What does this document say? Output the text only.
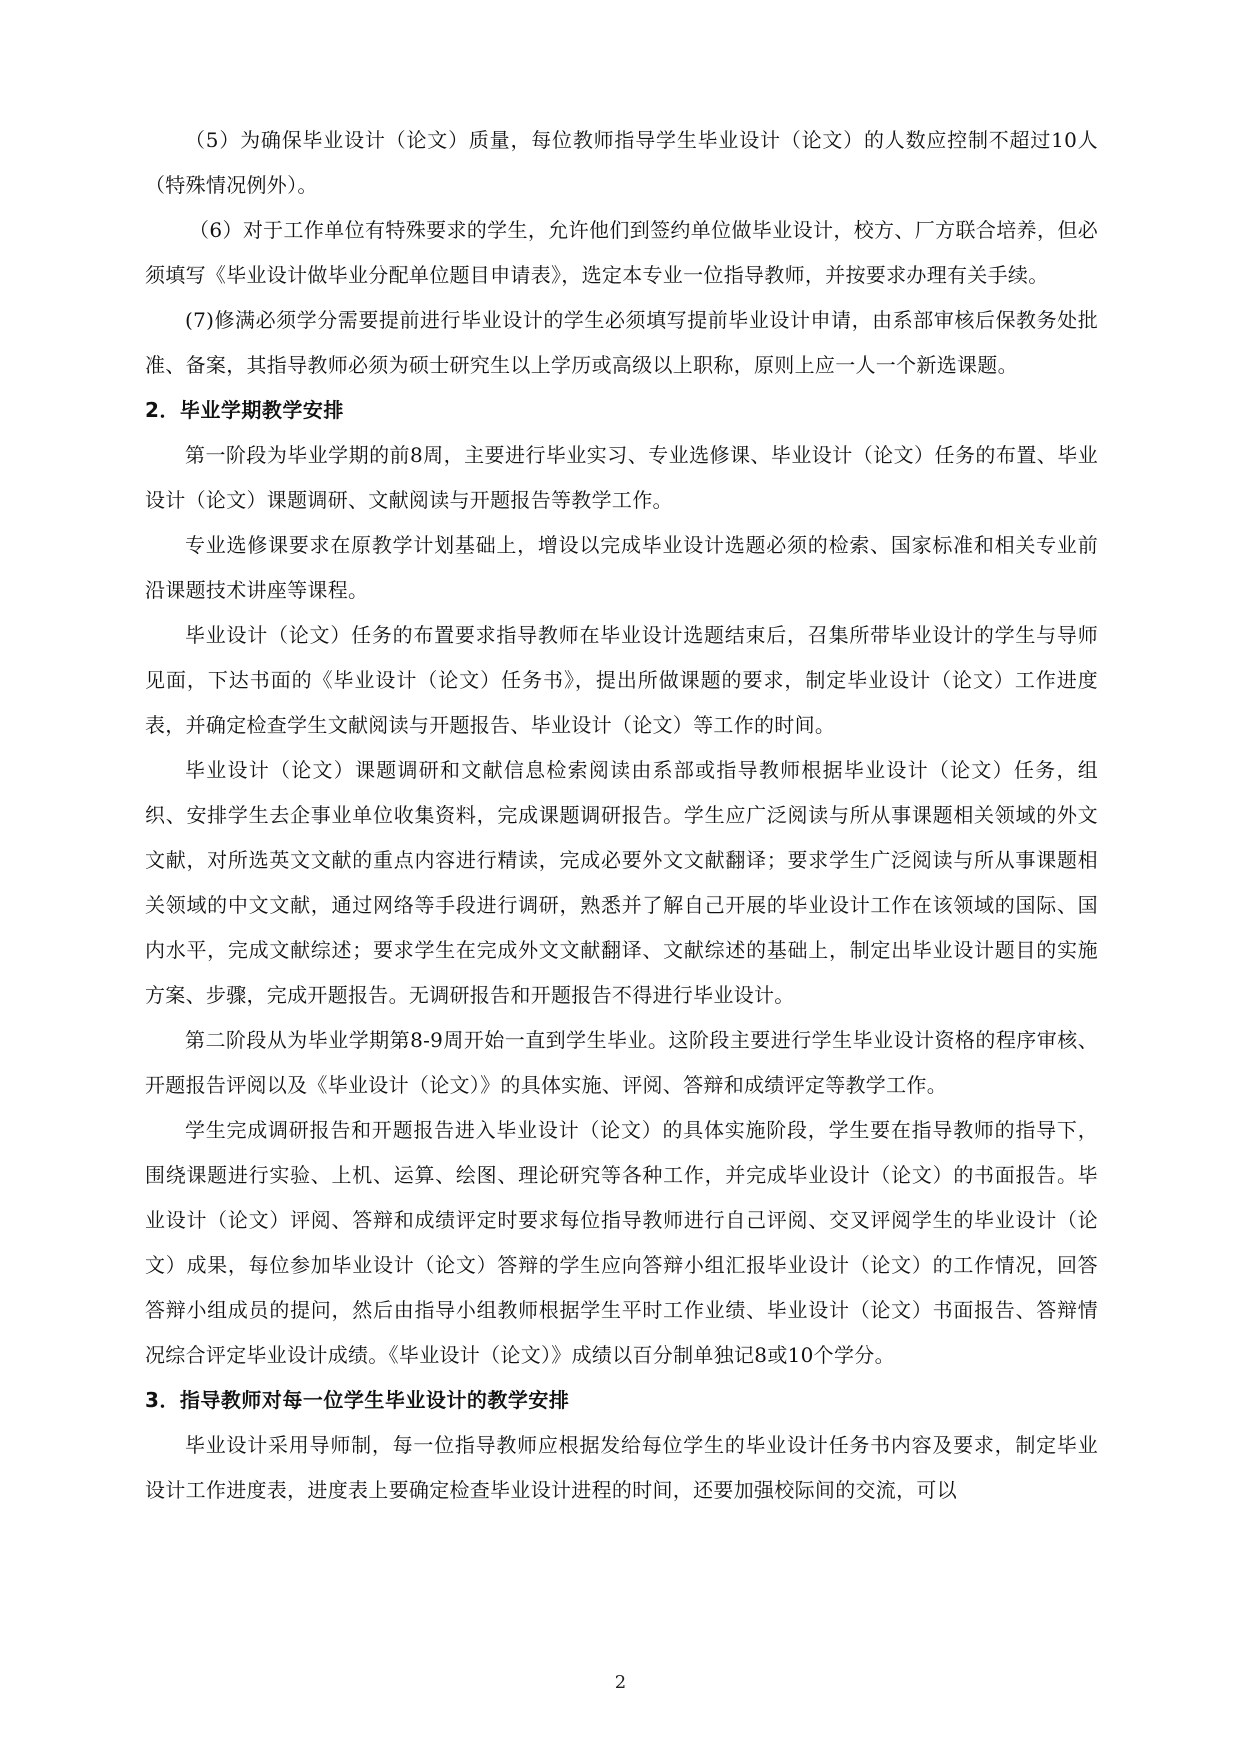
（5）为确保毕业设计（论文）质量，每位教师指导学生毕业设计（论文）的人数应控制不超过10人（特殊情况例外）。

（6）对于工作单位有特殊要求的学生，允许他们到签约单位做毕业设计，校方、厂方联合培养，但必须填写《毕业设计做毕业分配单位题目申请表》，选定本专业一位指导教师，并按要求办理有关手续。

(7)修满必须学分需要提前进行毕业设计的学生必须填写提前毕业设计申请，由系部审核后保教务处批准、备案，其指导教师必须为硕士研究生以上学历或高级以上职称，原则上应一人一个新选课题。

2．毕业学期教学安排

第一阶段为毕业学期的前8周，主要进行毕业实习、专业选修课、毕业设计（论文）任务的布置、毕业设计（论文）课题调研、文献阅读与开题报告等教学工作。

专业选修课要求在原教学计划基础上，增设以完成毕业设计选题必须的检索、国家标准和相关专业前沿课题技术讲座等课程。

毕业设计（论文）任务的布置要求指导教师在毕业设计选题结束后，召集所带毕业设计的学生与导师见面，下达书面的《毕业设计（论文）任务书》，提出所做课题的要求，制定毕业设计（论文）工作进度表，并确定检查学生文献阅读与开题报告、毕业设计（论文）等工作的时间。

毕业设计（论文）课题调研和文献信息检索阅读由系部或指导教师根据毕业设计（论文）任务，组织、安排学生去企事业单位收集资料，完成课题调研报告。学生应广泛阅读与所从事课题相关领域的外文文献，对所选英文文献的重点内容进行精读，完成必要外文文献翻译；要求学生广泛阅读与所从事课题相关领域的中文文献，通过网络等手段进行调研，熟悉并了解自己开展的毕业设计工作在该领域的国际、国内水平，完成文献综述；要求学生在完成外文文献翻译、文献综述的基础上，制定出毕业设计题目的实施方案、步骤，完成开题报告。无调研报告和开题报告不得进行毕业设计。

第二阶段从为毕业学期第8-9周开始一直到学生毕业。这阶段主要进行学生毕业设计资格的程序审核、开题报告评阅以及《毕业设计（论文）》的具体实施、评阅、答辩和成绩评定等教学工作。

学生完成调研报告和开题报告进入毕业设计（论文）的具体实施阶段，学生要在指导教师的指导下，围绕课题进行实验、上机、运算、绘图、理论研究等各种工作，并完成毕业设计（论文）的书面报告。毕业设计（论文）评阅、答辩和成绩评定时要求每位指导教师进行自己评阅、交叉评阅学生的毕业设计（论文）成果，每位参加毕业设计（论文）答辩的学生应向答辩小组汇报毕业设计（论文）的工作情况，回答答辩小组成员的提问，然后由指导小组教师根据学生平时工作业绩、毕业设计（论文）书面报告、答辩情况综合评定毕业设计成绩。《毕业设计（论文）》成绩以百分制单独记8或10个学分。

3．指导教师对每一位学生毕业设计的教学安排

毕业设计采用导师制，每一位指导教师应根据发给每位学生的毕业设计任务书内容及要求，制定毕业设计工作进度表，进度表上要确定检查毕业设计进程的时间，还要加强校际间的交流，可以

2
